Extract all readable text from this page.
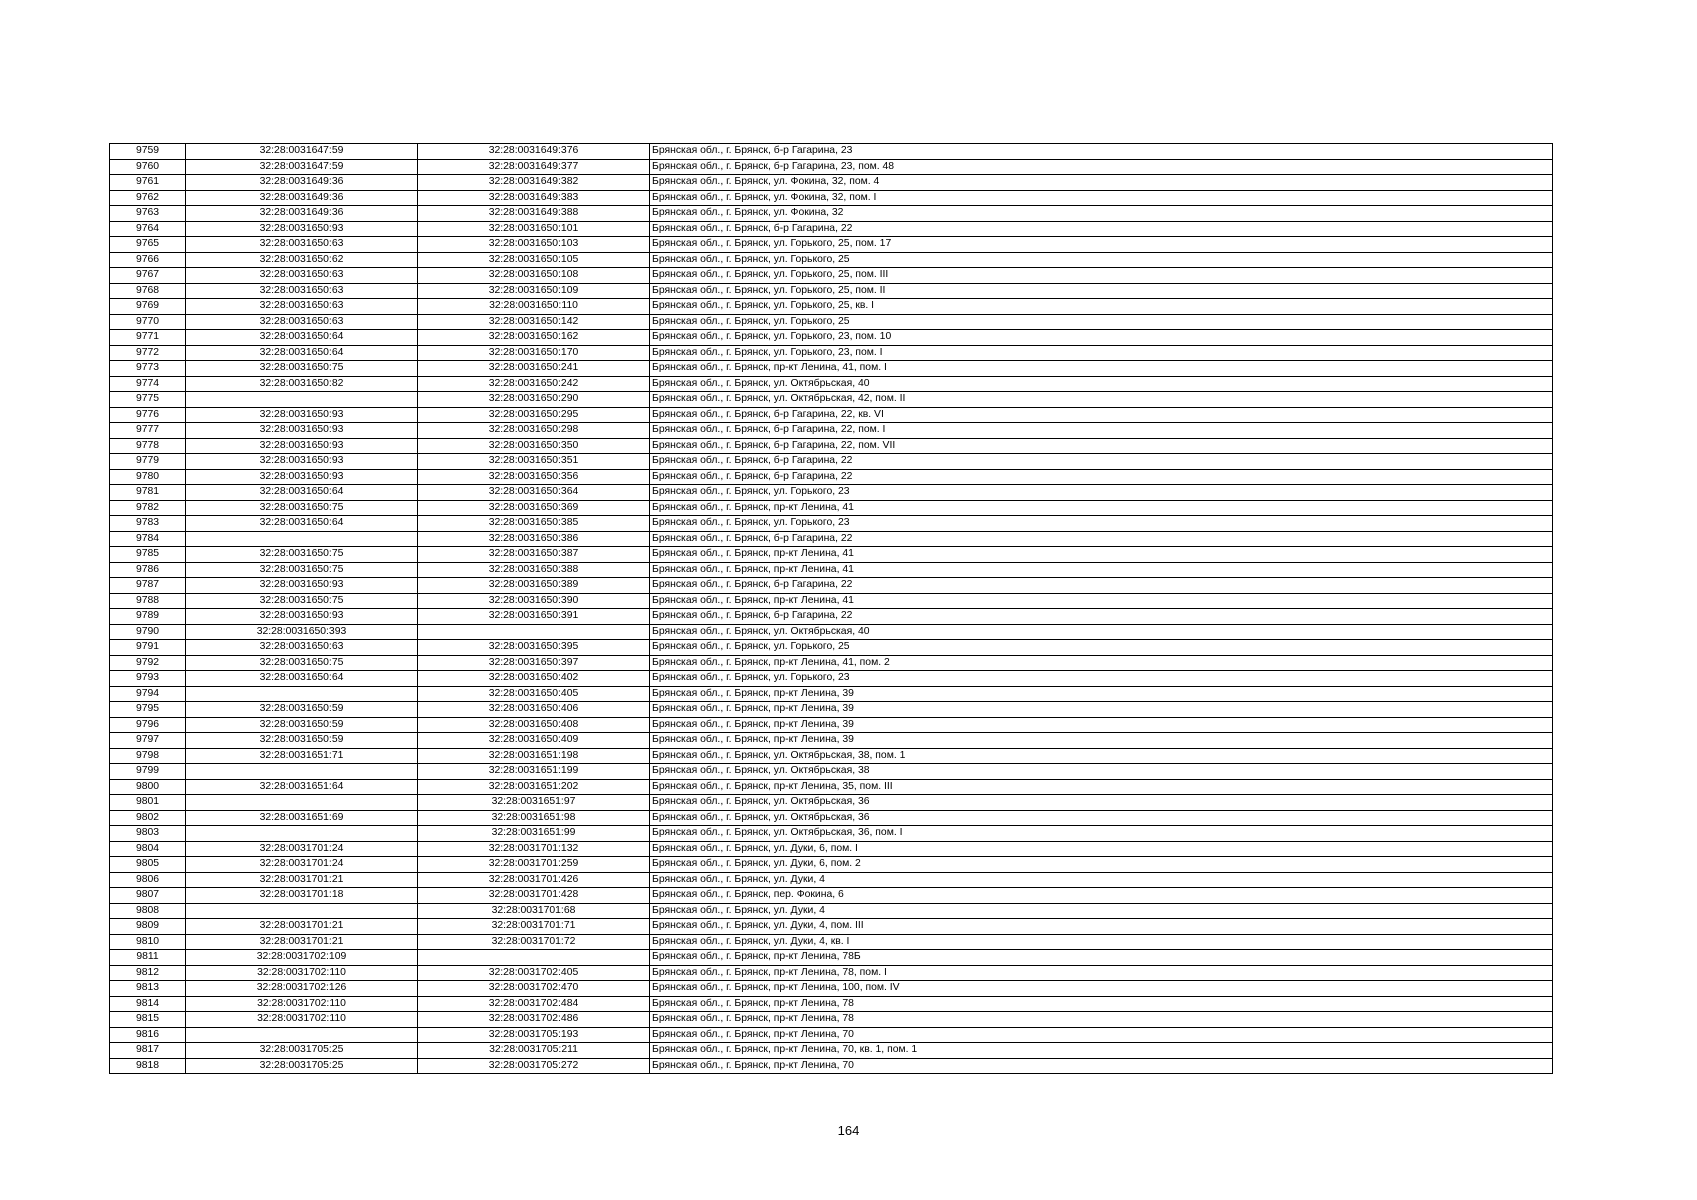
9759	32:28:0031647:59	32:28:0031649:376	Брянская обл., г. Брянск, б-р Гагарина, 23
9760	32:28:0031647:59	32:28:0031649:377	Брянская обл., г. Брянск, б-р Гагарина, 23, пом. 48
9761	32:28:0031649:36	32:28:0031649:382	Брянская обл., г. Брянск, ул. Фокина, 32, пом. 4
9762	32:28:0031649:36	32:28:0031649:383	Брянская обл., г. Брянск, ул. Фокина, 32, пом. I
9763	32:28:0031649:36	32:28:0031649:388	Брянская обл., г. Брянск, ул. Фокина, 32
9764	32:28:0031650:93	32:28:0031650:101	Брянская обл., г. Брянск, б-р Гагарина, 22
9765	32:28:0031650:63	32:28:0031650:103	Брянская обл., г. Брянск, ул. Горького, 25, пом. 17
9766	32:28:0031650:62	32:28:0031650:105	Брянская обл., г. Брянск, ул. Горького, 25
9767	32:28:0031650:63	32:28:0031650:108	Брянская обл., г. Брянск, ул. Горького, 25, пом. III
9768	32:28:0031650:63	32:28:0031650:109	Брянская обл., г. Брянск, ул. Горького, 25, пом. II
9769	32:28:0031650:63	32:28:0031650:110	Брянская обл., г. Брянск, ул. Горького, 25, кв. I
9770	32:28:0031650:63	32:28:0031650:142	Брянская обл., г. Брянск, ул. Горького, 25
9771	32:28:0031650:64	32:28:0031650:162	Брянская обл., г. Брянск, ул. Горького, 23, пом. 10
9772	32:28:0031650:64	32:28:0031650:170	Брянская обл., г. Брянск, ул. Горького, 23, пом. I
9773	32:28:0031650:75	32:28:0031650:241	Брянская обл., г. Брянск, пр-кт Ленина, 41, пом. I
9774	32:28:0031650:82	32:28:0031650:242	Брянская обл., г. Брянск, ул. Октябрьская, 40
9775		32:28:0031650:290	Брянская обл., г. Брянск, ул. Октябрьская, 42, пом. II
9776	32:28:0031650:93	32:28:0031650:295	Брянская обл., г. Брянск, б-р Гагарина, 22, кв. VI
9777	32:28:0031650:93	32:28:0031650:298	Брянская обл., г. Брянск, б-р Гагарина, 22, пом. I
9778	32:28:0031650:93	32:28:0031650:350	Брянская обл., г. Брянск, б-р Гагарина, 22, пом. VII
9779	32:28:0031650:93	32:28:0031650:351	Брянская обл., г. Брянск, б-р Гагарина, 22
9780	32:28:0031650:93	32:28:0031650:356	Брянская обл., г. Брянск, б-р Гагарина, 22
9781	32:28:0031650:64	32:28:0031650:364	Брянская обл., г. Брянск, ул. Горького, 23
9782	32:28:0031650:75	32:28:0031650:369	Брянская обл., г. Брянск, пр-кт Ленина, 41
9783	32:28:0031650:64	32:28:0031650:385	Брянская обл., г. Брянск, ул. Горького, 23
9784		32:28:0031650:386	Брянская обл., г. Брянск, б-р Гагарина, 22
9785	32:28:0031650:75	32:28:0031650:387	Брянская обл., г. Брянск, пр-кт Ленина, 41
9786	32:28:0031650:75	32:28:0031650:388	Брянская обл., г. Брянск, пр-кт Ленина, 41
9787	32:28:0031650:93	32:28:0031650:389	Брянская обл., г. Брянск, б-р Гагарина, 22
9788	32:28:0031650:75	32:28:0031650:390	Брянская обл., г. Брянск, пр-кт Ленина, 41
9789	32:28:0031650:93	32:28:0031650:391	Брянская обл., г. Брянск, б-р Гагарина, 22
9790	32:28:0031650:393		Брянская обл., г. Брянск, ул. Октябрьская, 40
9791	32:28:0031650:63	32:28:0031650:395	Брянская обл., г. Брянск, ул. Горького, 25
9792	32:28:0031650:75	32:28:0031650:397	Брянская обл., г. Брянск, пр-кт Ленина, 41, пом. 2
9793	32:28:0031650:64	32:28:0031650:402	Брянская обл., г. Брянск, ул. Горького, 23
9794		32:28:0031650:405	Брянская обл., г. Брянск, пр-кт Ленина, 39
9795	32:28:0031650:59	32:28:0031650:406	Брянская обл., г. Брянск, пр-кт Ленина, 39
9796	32:28:0031650:59	32:28:0031650:408	Брянская обл., г. Брянск, пр-кт Ленина, 39
9797	32:28:0031650:59	32:28:0031650:409	Брянская обл., г. Брянск, пр-кт Ленина, 39
9798	32:28:0031651:71	32:28:0031651:198	Брянская обл., г. Брянск, ул. Октябрьская, 38, пом. 1
9799		32:28:0031651:199	Брянская обл., г. Брянск, ул. Октябрьская, 38
9800	32:28:0031651:64	32:28:0031651:202	Брянская обл., г. Брянск, пр-кт Ленина, 35, пом. III
9801		32:28:0031651:97	Брянская обл., г. Брянск, ул. Октябрьская, 36
9802	32:28:0031651:69	32:28:0031651:98	Брянская обл., г. Брянск, ул. Октябрьская, 36
9803		32:28:0031651:99	Брянская обл., г. Брянск, ул. Октябрьская, 36, пом. I
9804	32:28:0031701:24	32:28:0031701:132	Брянская обл., г. Брянск, ул. Дуки, 6, пом. I
9805	32:28:0031701:24	32:28:0031701:259	Брянская обл., г. Брянск, ул. Дуки, 6, пом. 2
9806	32:28:0031701:21	32:28:0031701:426	Брянская обл., г. Брянск, ул. Дуки, 4
9807	32:28:0031701:18	32:28:0031701:428	Брянская обл., г. Брянск, пер. Фокина, 6
9808		32:28:0031701:68	Брянская обл., г. Брянск, ул. Дуки, 4
9809	32:28:0031701:21	32:28:0031701:71	Брянская обл., г. Брянск, ул. Дуки, 4, пом. III
9810	32:28:0031701:21	32:28:0031701:72	Брянская обл., г. Брянск, ул. Дуки, 4, кв. I
9811	32:28:0031702:109		Брянская обл., г. Брянск, пр-кт Ленина, 78Б
9812	32:28:0031702:110	32:28:0031702:405	Брянская обл., г. Брянск, пр-кт Ленина, 78, пом. I
9813	32:28:0031702:126	32:28:0031702:470	Брянская обл., г. Брянск, пр-кт Ленина, 100, пом. IV
9814	32:28:0031702:110	32:28:0031702:484	Брянская обл., г. Брянск, пр-кт Ленина, 78
9815	32:28:0031702:110	32:28:0031702:486	Брянская обл., г. Брянск, пр-кт Ленина, 78
9816		32:28:0031705:193	Брянская обл., г. Брянск, пр-кт Ленина, 70
9817	32:28:0031705:25	32:28:0031705:211	Брянская обл., г. Брянск, пр-кт Ленина, 70, кв. 1, пом. 1
9818	32:28:0031705:25	32:28:0031705:272	Брянская обл., г. Брянск, пр-кт Ленина, 70
164
